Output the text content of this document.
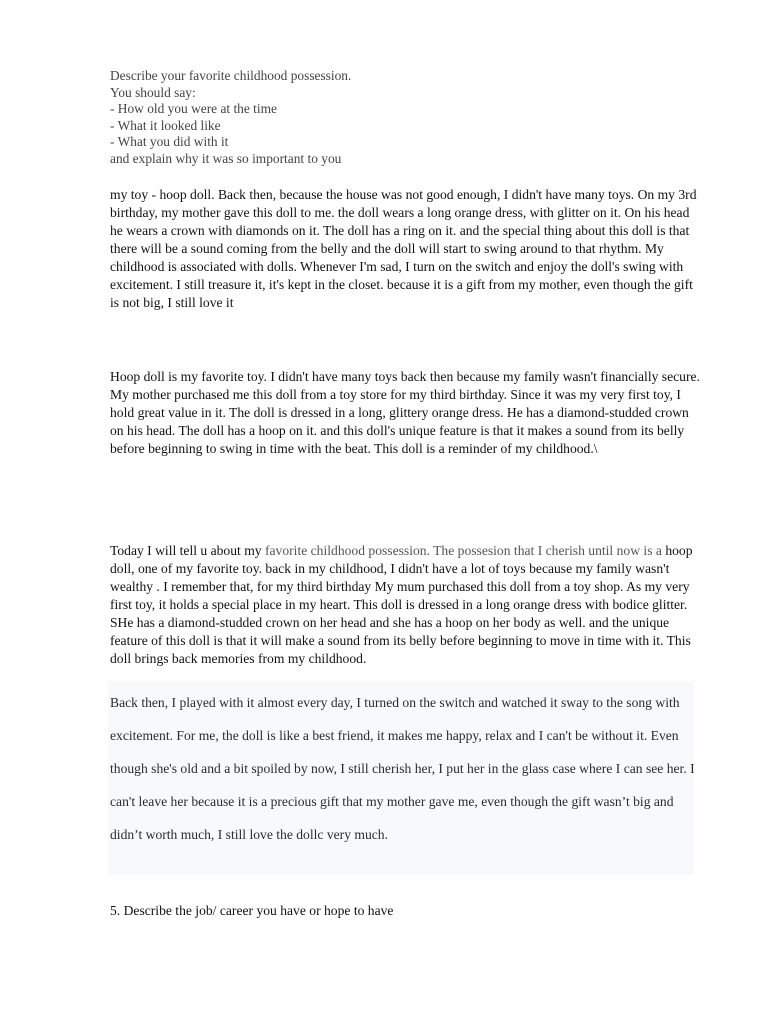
Describe your favorite childhood possession.
You should say:
- How old you were at the time
- What it looked like
- What you did with it
and explain why it was so important to you
my toy - hoop doll. Back then, because the house was not good enough, I didn't have many toys. On my 3rd birthday, my mother gave this doll to me. the doll wears a long orange dress, with glitter on it. On his head he wears a crown with diamonds on it. The doll has a ring on it. and the special thing about this doll is that there will be a sound coming from the belly and the doll will start to swing around to that rhythm. My childhood is associated with dolls. Whenever I'm sad, I turn on the switch and enjoy the doll's swing with excitement. I still treasure it, it's kept in the closet. because it is a gift from my mother, even though the gift is not big, I still love it
Hoop doll is my favorite toy. I didn't have many toys back then because my family wasn't financially secure. My mother purchased me this doll from a toy store for my third birthday. Since it was my very first toy, I hold great value in it. The doll is dressed in a long, glittery orange dress. He has a diamond-studded crown on his head. The doll has a hoop on it. and this doll's unique feature is that it makes a sound from its belly before beginning to swing in time with the beat. This doll is a reminder of my childhood.\
Today I will tell u about my favorite childhood possession. The possesion that I cherish until now is a hoop doll, one of my favorite toy. back in my childhood, I didn't have a lot of toys because my family wasn't wealthy . I remember that, for my third birthday My mum purchased this doll from a toy shop. As my very first toy, it holds a special place in my heart. This doll is dressed in a long orange dress with bodice glitter. SHe has a diamond-studded crown on her head and she has a hoop on her body as well. and the unique feature of this doll is that it will make a sound from its belly before beginning to move in time with it. This doll brings back memories from my childhood.
Back then, I played with it almost every day, I turned on the switch and watched it sway to the song with excitement. For me, the doll is like a best friend, it makes me happy, relax and I can't be without it. Even though she's old and a bit spoiled by now, I still cherish her, I put her in the glass case where I can see her. I can't leave her because it is a precious gift that my mother gave me, even though the gift wasn’t big and didn’t worth much, I still love the dollc very much.
5. Describe the job/ career you have or hope to have
